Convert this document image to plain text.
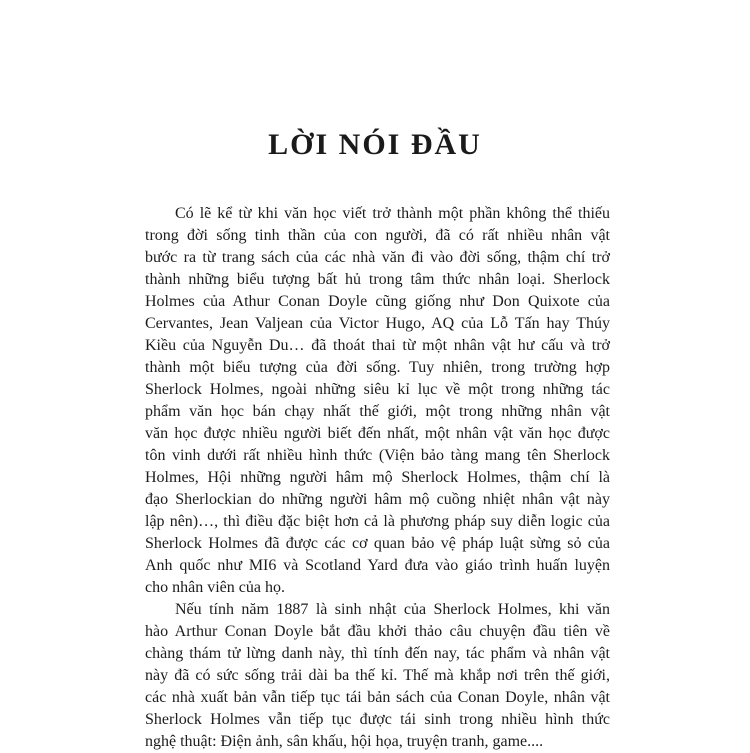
LỜI NÓI ĐẦU

Có lẽ kể từ khi văn học viết trở thành một phần không thể thiếu
trong đời sống tinh thần của con người, đã có rất nhiều nhân vật
bước ra từ trang sách của các nhà văn đi vào đời sống, thậm chí trở
thành những biểu tượng bất hủ trong tâm thức nhân loại. Sherlock
Holmes của Athur Conan Doyle cũng giống như Don Quixote của
Cervantes, Jean Valjean của Victor Hugo, AQ của Lỗ Tấn hay Thúy
Kiều của Nguyễn Du… đã thoát thai từ một nhân vật hư cấu và trở
thành một biểu tượng của đời sống. Tuy nhiên, trong trường hợp
Sherlock Holmes, ngoài những siêu kỉ lục về một trong những tác
phẩm văn học bán chạy nhất thế giới, một trong những nhân vật
văn học được nhiều người biết đến nhất, một nhân vật văn học được
tôn vinh dưới rất nhiều hình thức (Viện bảo tàng mang tên Sherlock
Holmes, Hội những người hâm mộ Sherlock Holmes, thậm chí là
đạo Sherlockian do những người hâm mộ cuồng nhiệt nhân vật này
lập nên)…, thì điều đặc biệt hơn cả là phương pháp suy diễn logic của
Sherlock Holmes đã được các cơ quan bảo vệ pháp luật sừng sỏ của
Anh quốc như MI6 và Scotland Yard đưa vào giáo trình huấn luyện
cho nhân viên của họ.

Nếu tính năm 1887 là sinh nhật của Sherlock Holmes, khi văn
hào Arthur Conan Doyle bắt đầu khởi thảo câu chuyện đầu tiên về
chàng thám tử lừng danh này, thì tính đến nay, tác phẩm và nhân vật
này đã có sức sống trải dài ba thế kỉ. Thế mà khắp nơi trên thế giới,
các nhà xuất bản vẫn tiếp tục tái bản sách của Conan Doyle, nhân vật
Sherlock Holmes vẫn tiếp tục được tái sinh trong nhiều hình thức
nghệ thuật: Điện ảnh, sân khấu, hội họa, truyện tranh, game....
